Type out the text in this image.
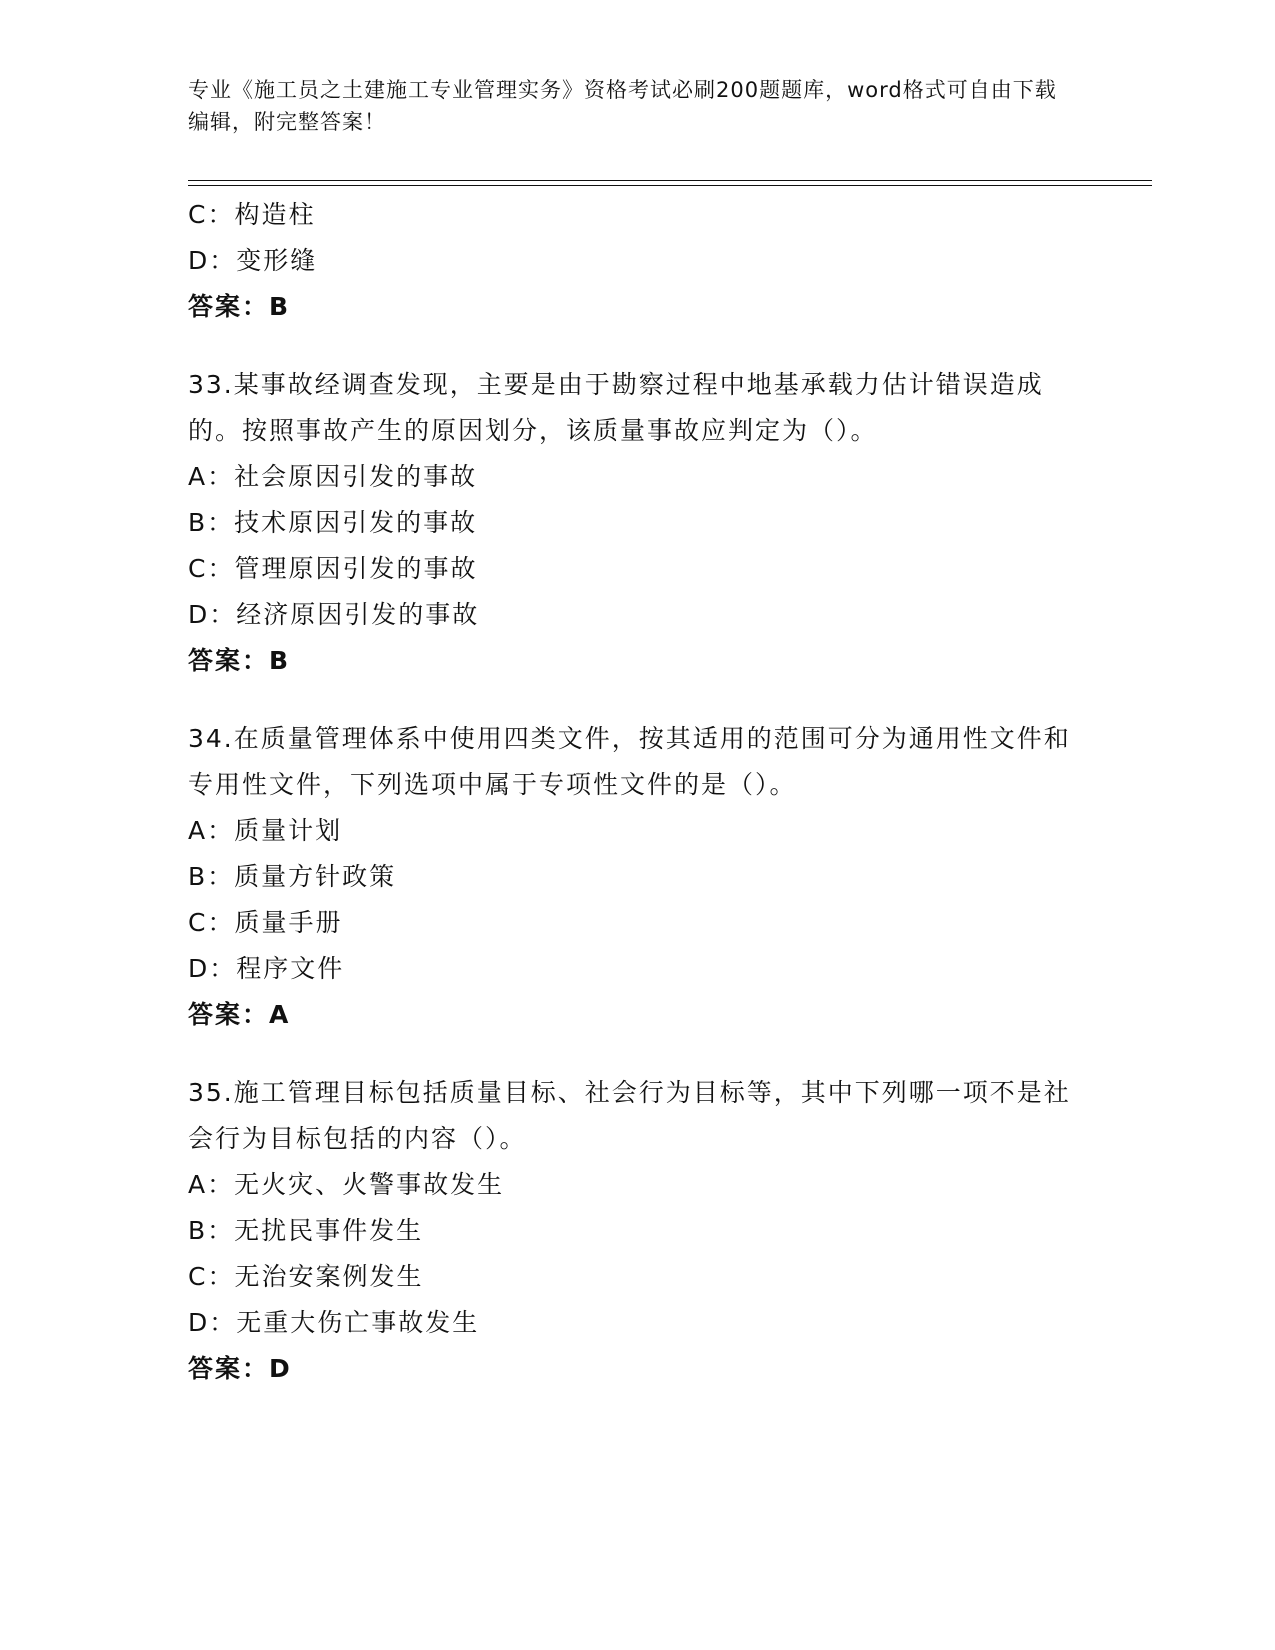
专业《施工员之土建施工专业管理实务》资格考试必刷200题题库，word格式可自由下载编辑，附完整答案！
C：构造柱
D：变形缝
答案：B
33.某事故经调查发现，主要是由于勘察过程中地基承载力估计错误造成的。按照事故产生的原因划分，该质量事故应判定为（）。
A：社会原因引发的事故
B：技术原因引发的事故
C：管理原因引发的事故
D：经济原因引发的事故
答案：B
34.在质量管理体系中使用四类文件，按其适用的范围可分为通用性文件和专用性文件，下列选项中属于专项性文件的是（）。
A：质量计划
B：质量方针政策
C：质量手册
D：程序文件
答案：A
35.施工管理目标包括质量目标、社会行为目标等，其中下列哪一项不是社会行为目标包括的内容（）。
A：无火灾、火警事故发生
B：无扰民事件发生
C：无治安案例发生
D：无重大伤亡事故发生
答案：D
